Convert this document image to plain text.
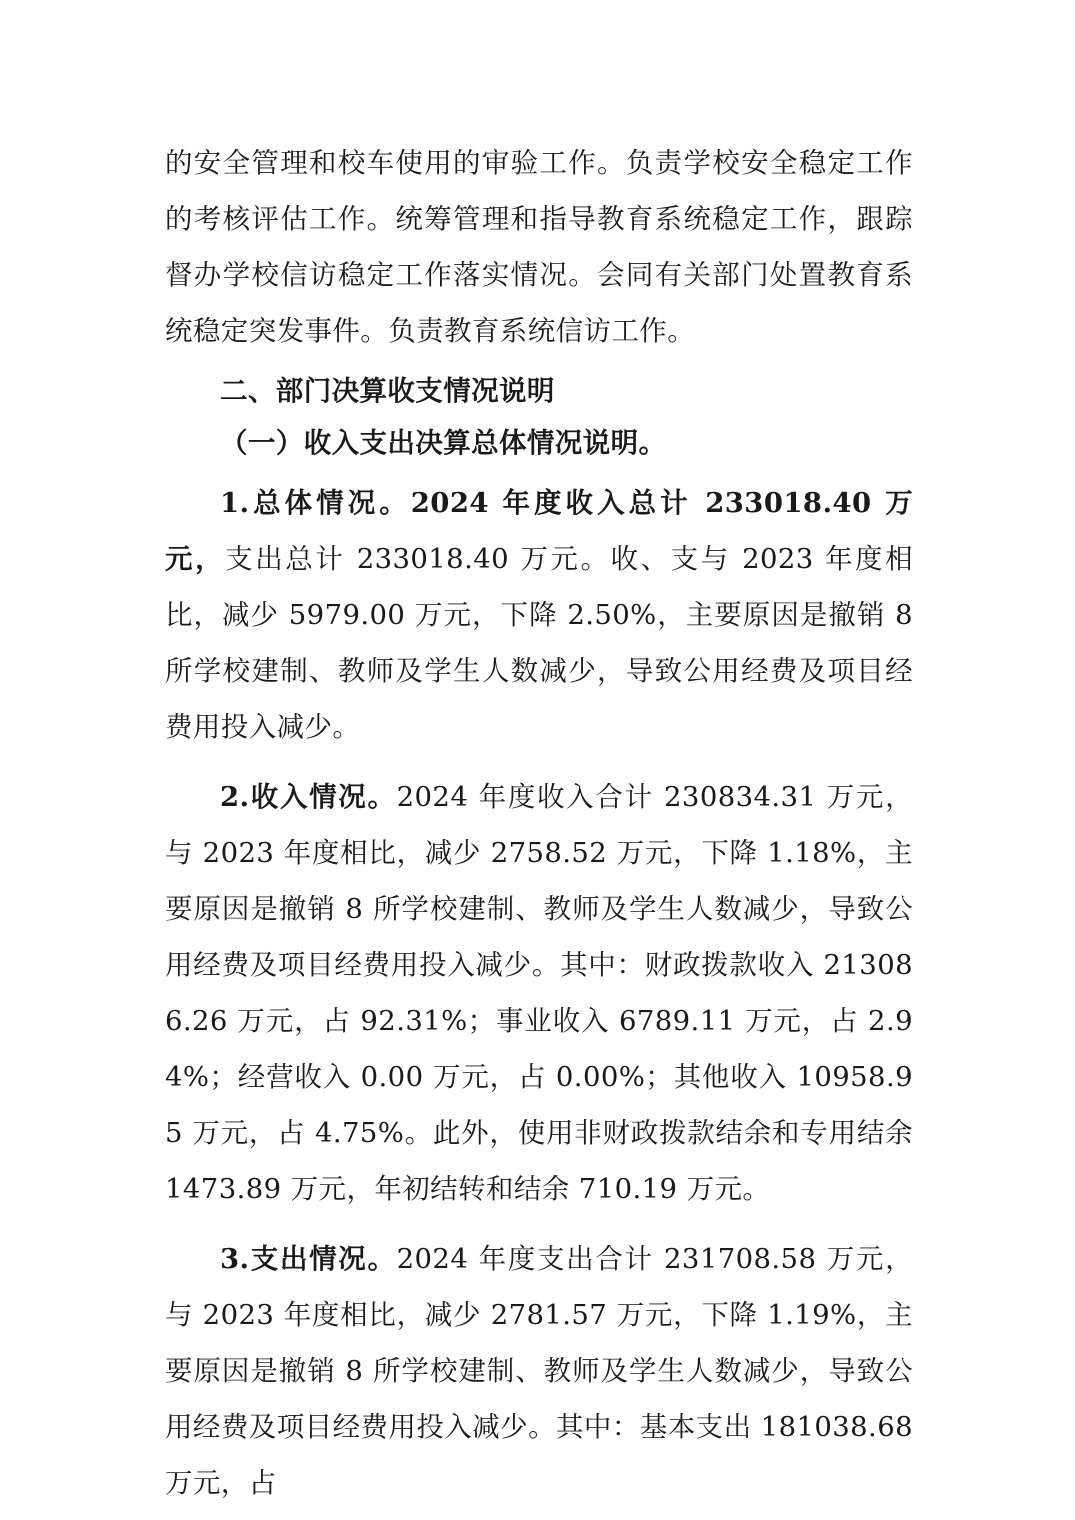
的安全管理和校车使用的审验工作。负责学校安全稳定工作的考核评估工作。统筹管理和指导教育系统稳定工作，跟踪督办学校信访稳定工作落实情况。会同有关部门处置教育系统稳定突发事件。负责教育系统信访工作。

二、部门决算收支情况说明

（一）收入支出决算总体情况说明。

1.总体情况。2024 年度收入总计 233018.40 万元，支出总计 233018.40 万元。收、支与 2023 年度相比，减少 5979.00 万元，下降 2.50%，主要原因是撤销 8 所学校建制、教师及学生人数减少，导致公用经费及项目经费用投入减少。

2.收入情况。2024 年度收入合计 230834.31 万元，与 2023 年度相比，减少 2758.52 万元，下降 1.18%，主要原因是撤销 8 所学校建制、教师及学生人数减少，导致公用经费及项目经费用投入减少。其中：财政拨款收入 213086.26 万元，占 92.31%；事业收入 6789.11 万元，占 2.94%；经营收入 0.00 万元，占 0.00%；其他收入 10958.95 万元，占 4.75%。此外，使用非财政拨款结余和专用结余 1473.89 万元，年初结转和结余 710.19 万元。

3.支出情况。2024 年度支出合计 231708.58 万元，与 2023 年度相比，减少 2781.57 万元，下降 1.19%，主要原因是撤销 8 所学校建制、教师及学生人数减少，导致公用经费及项目经费用投入减少。其中：基本支出 181038.68 万元，占
